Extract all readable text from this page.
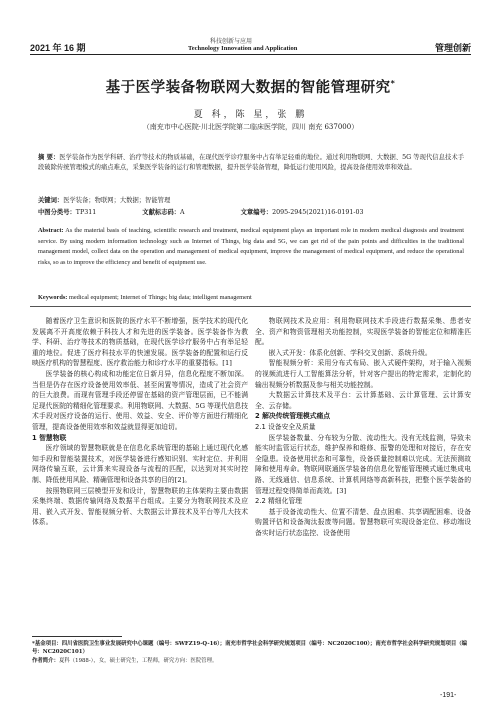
科技创新与应用
Technology Innovation and Application
2021 年 16 期	管理创新
基于医学装备物联网大数据的智能管理研究*
夏 科，陈 星，张 鹏
（南充市中心医院·川北医学院第二临床医学院，四川 南充 637000）
摘 要：医学装备作为医学科研、治疗等技术的物质基础，在现代医学诊疗服务中占有举足轻重的地位。通过利用物联网、大数据、5G 等现代信息技术手段破除传统管理模式的痛点难点，采集医学装备的运行和管理数据，提升医学装备管理，降低运行使用风险，提高设备使用效率和效益。
关键词：医学装备；物联网；大数据；智能管理
中图分类号：TP311	文献标志码：A	文章编号：2095-2945(2021)16-0191-03
Abstract: As the material basis of teaching, scientific research and treatment, medical equipment plays an important role in modern medical diagnosis and treatment service. By using modern information technology such as Internet of Things, big data and 5G, we can get rid of the pain points and difficulties in the traditional management model, collect data on the operation and management of medical equipment, improve the management of medical equipment, and reduce the operational risks, so as to improve the efficiency and benefit of equipment use.
Keywords: medical equipment; Internet of Things; big data; intelligent management

随着医疗卫生意识和医院的医疗水平不断增强，医学技术的现代化发展离不开高度依赖于科技人才和先进的医学装备。医学装备作为教学、科研、治疗等技术的物质基础，在现代医学诊疗服务中占有举足轻重的地位。促进了医疗科技水平的快速发展。医学装备的配置和运行反映医疗机构的智慧程度、医疗救治能力和诊疗水平的重要指标。[1]

医学装备的核心构成和功能定位日新月异，信息化程度不断加深。当但是仍存在医疗设备使用效率低、甚至闲置等情况，造成了社会资产的巨大浪费。而现有管理手段还停留在基础的资产管理层面，已不能满足现代医院的精细化管理要求。利用物联网、大数据、5G 等现代信息技术手段对医疗设备的运行、使用、效益、安全、评价等方面进行精细化管理，提高设备使用效率和效益就显得更加迫切。

1 智慧物联

医疗领域的智慧物联就是在信息化系统管理的基础上通过现代化感知手段和智能装置技术，对医学装备进行感知识别、实时定位、并利用网络传输互联，云计算来实现设备与流程的匹配，以达到对其实时控制、降低使用风险、精确管理和设备共享的目的[2]。

按照物联网三层模型开发和设计，智慧物联的主体架构主要由数据采集终端、数据传输网络及数据平台组成。主要分为物联网技术及应用、嵌入式开发、智能视频分析、大数据云计算技术及平台等几大技术体系。

物联网技术及应用：利用物联网技术手段进行数据采集、患者安全、资产和物资管理相关功能控制，实现医学装备的智能定位和精准匹配。

嵌入式开发：体系化创新、学科交叉创新、系统升级。

智能视频分析：采用分布式布局、嵌入式硬件架构，对于输入视频的视频流进行人工智能算法分析，针对客户提出的特定需求，定制化的输出视频分析数据及参与相关功能控制。

大数据云计算技术及平台：云计算基础、云计算管理、云计算安全、云存储。

2 解决传统管理模式痛点

2.1 设备安全及质量

医学装备数量、分布较为分散、流动性大。没有无线监测，导致未能实时监管运行状态，维护保养和维修、报警的处理和对接后，存在安全隐患。设备使用状态和可靠性，设备质量控制难以完成。无法预测故障和使用寿命。物联网联通医学装备的信息化智能管理模式通过集成电路、无线通信、信息系统、计算机网络等高新科技，把整个医学装备的管理过程变得简单而高效。[3]

2.2 精细化管理

基于设备流动性大、位置不清楚、盘点困难、共享调配困难、设备购置评估和设备淘汰报废等问题。智慧物联可实现设备定位、移动端设备实时运行状态监控、设备使用

*基金项目：四川省医院卫生事业发展研究中心课题（编号：SWFZ19-Q-16）；南充市哲学社会科学研究规划项目（编号：NC2020C100）；南充市哲学社会科学研究规划项目（编号：NC2020C101）
作者简介：夏科（1988-），女，硕士研究生，工程师，研究方向：医院管理。
-191-
